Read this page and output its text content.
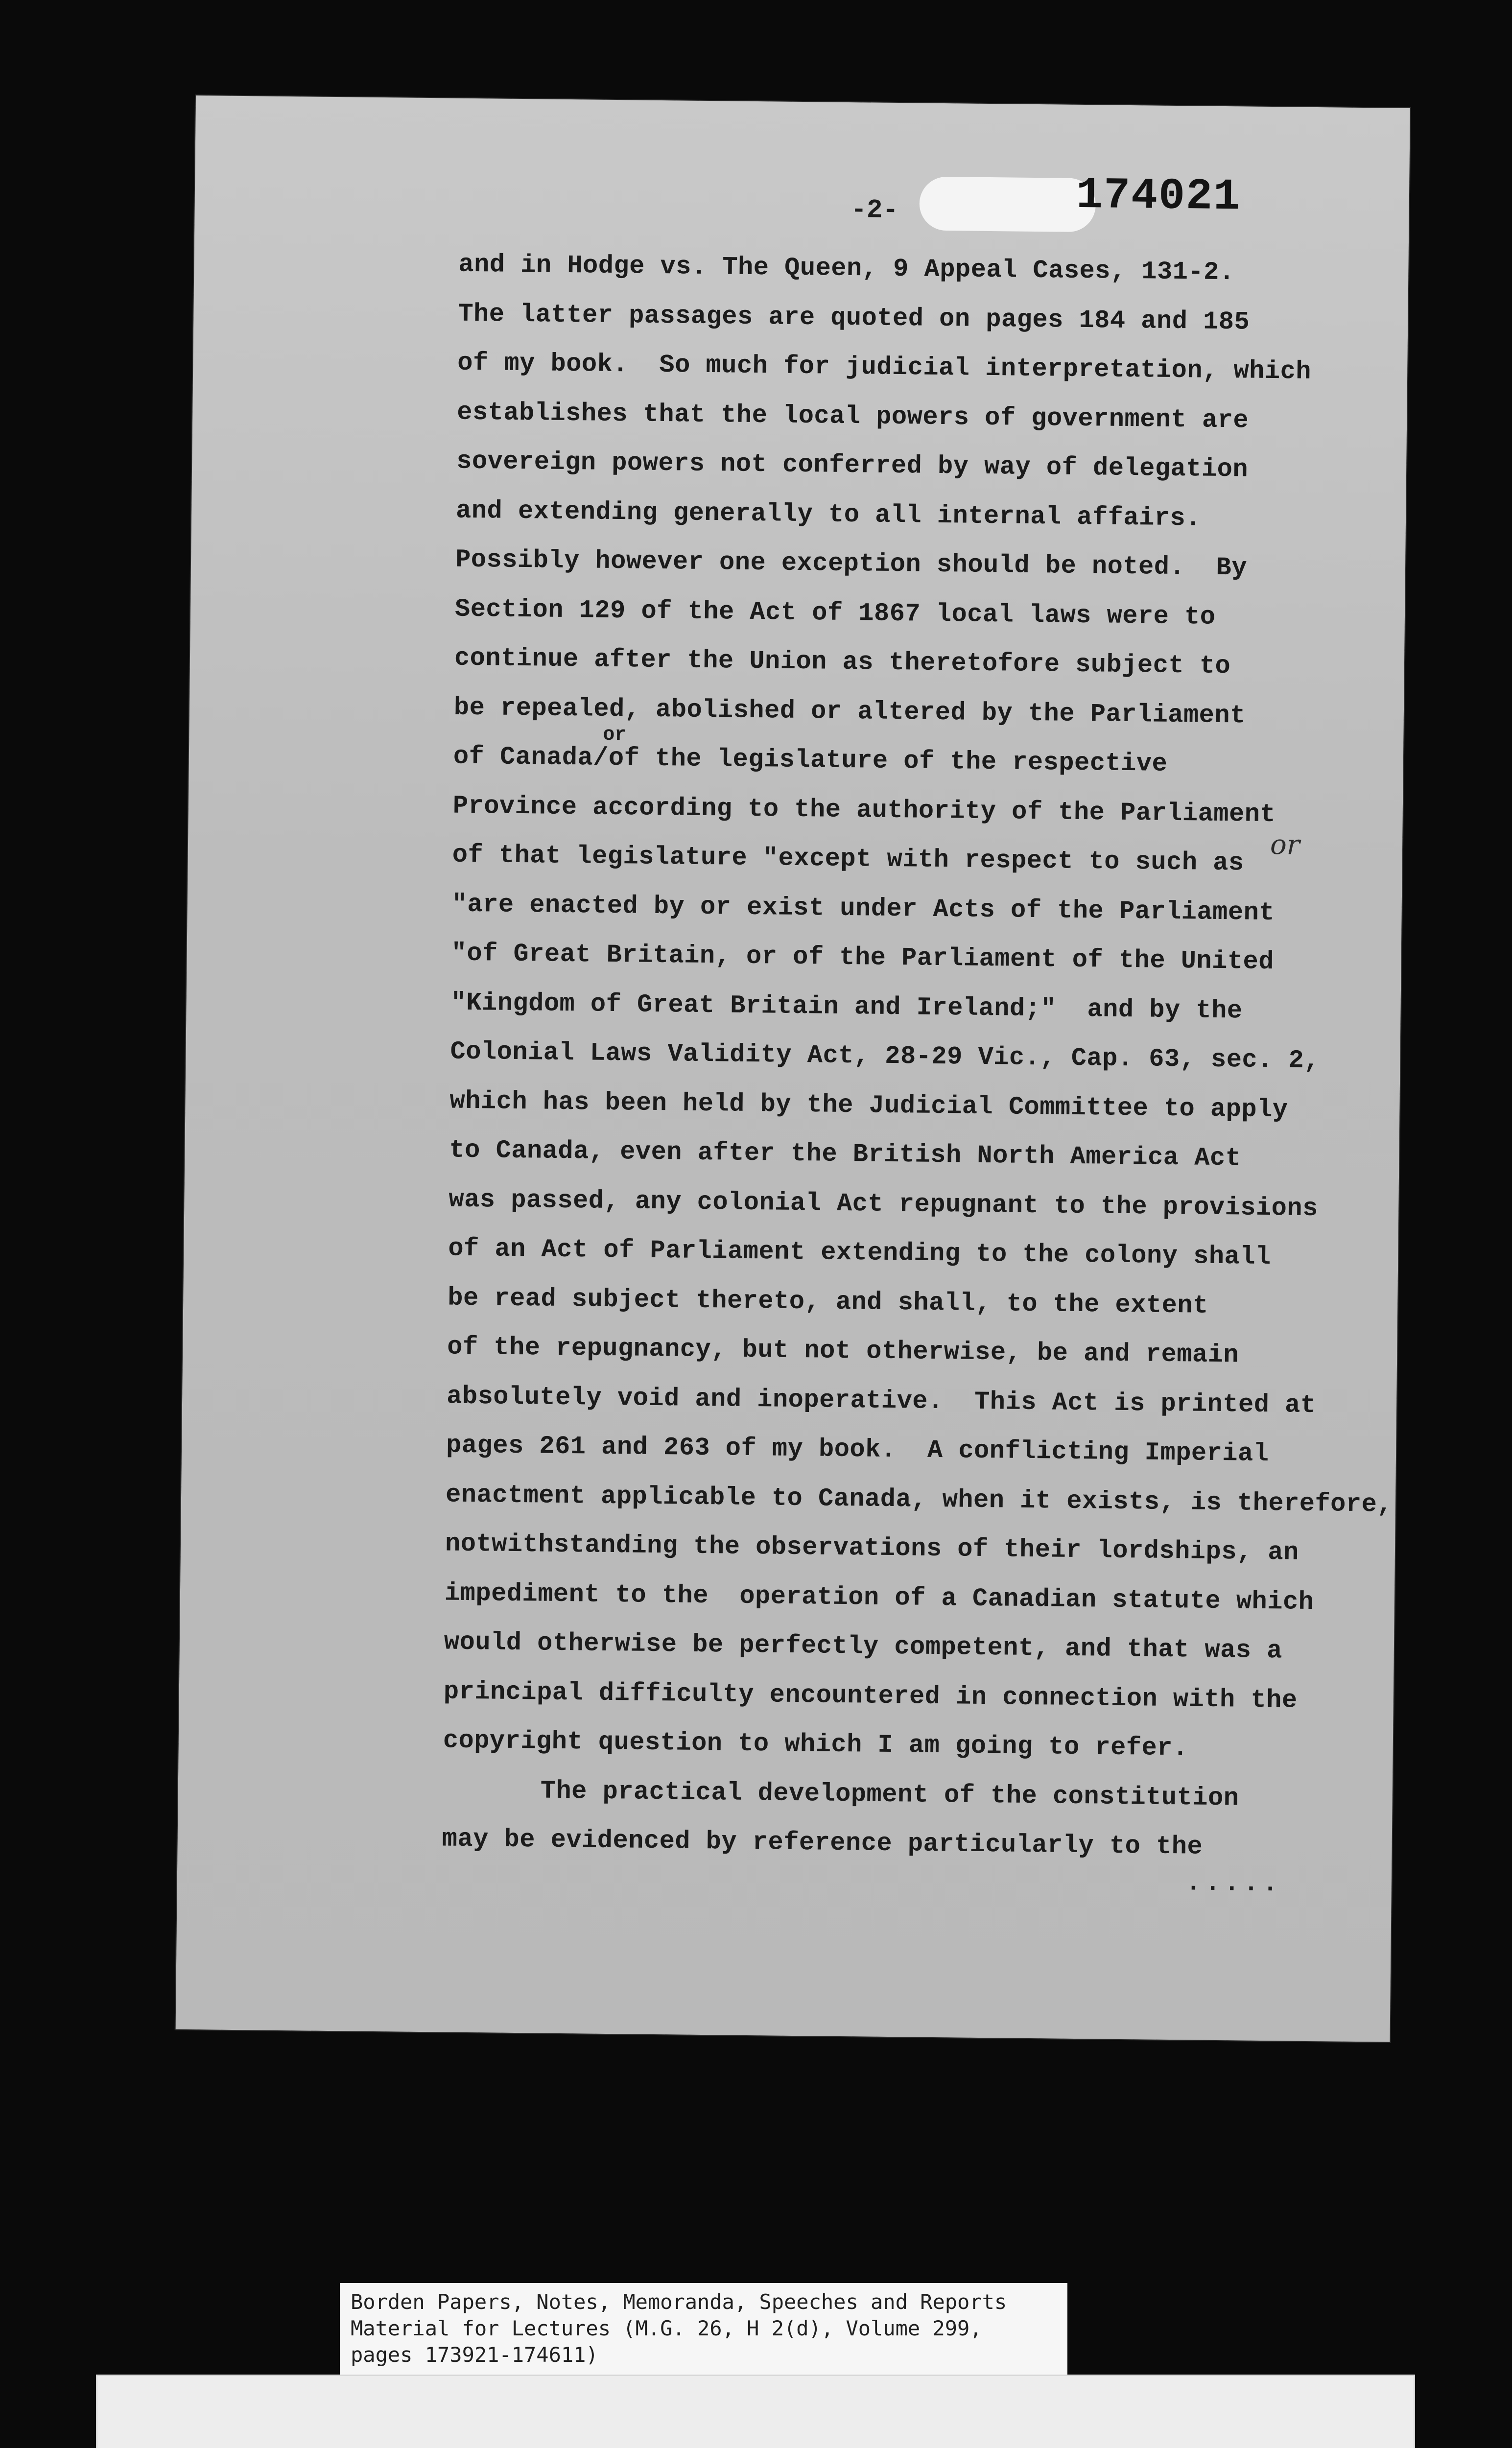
-2-	174021
and in Hodge vs. The Queen, 9 Appeal Cases, 131-2.
The latter passages are quoted on pages 184 and 185
of my book.  So much for judicial interpretation, which
establishes that the local powers of government are
sovereign powers not conferred by way of delegation
and extending generally to all internal affairs.
Possibly however one exception should be noted.  By
Section 129 of the Act of 1867 local laws were to
continue after the Union as theretofore subject to
be repealed, abolished or altered by the Parliament
of Canada/of the legislature of the respective
Province according to the authority of the Parliament
of that legislature "except with respect to such as
"are enacted by or exist under Acts of the Parliament
"of Great Britain, or of the Parliament of the United
"Kingdom of Great Britain and Ireland;"  and by the
Colonial Laws Validity Act, 28-29 Vic., Cap. 63, sec. 2,
which has been held by the Judicial Committee to apply
to Canada, even after the British North America Act
was passed, any colonial Act repugnant to the provisions
of an Act of Parliament extending to the colony shall
be read subject thereto, and shall, to the extent
of the repugnancy, but not otherwise, be and remain
absolutely void and inoperative.  This Act is printed at
pages 261 and 263 of my book.  A conflicting Imperial
enactment applicable to Canada, when it exists, is therefore,
notwithstanding the observations of their lordships, an
impediment to the  operation of a Canadian statute which
would otherwise be perfectly competent, and that was a
principal difficulty encountered in connection with the
copyright question to which I am going to refer.
The practical development of the constitution
may be evidenced by reference particularly to the
or
or
.....
Borden Papers, Notes, Memoranda, Speeches and Reports
Material for Lectures (M.G. 26, H 2(d), Volume 299,
pages 173921-174611)
